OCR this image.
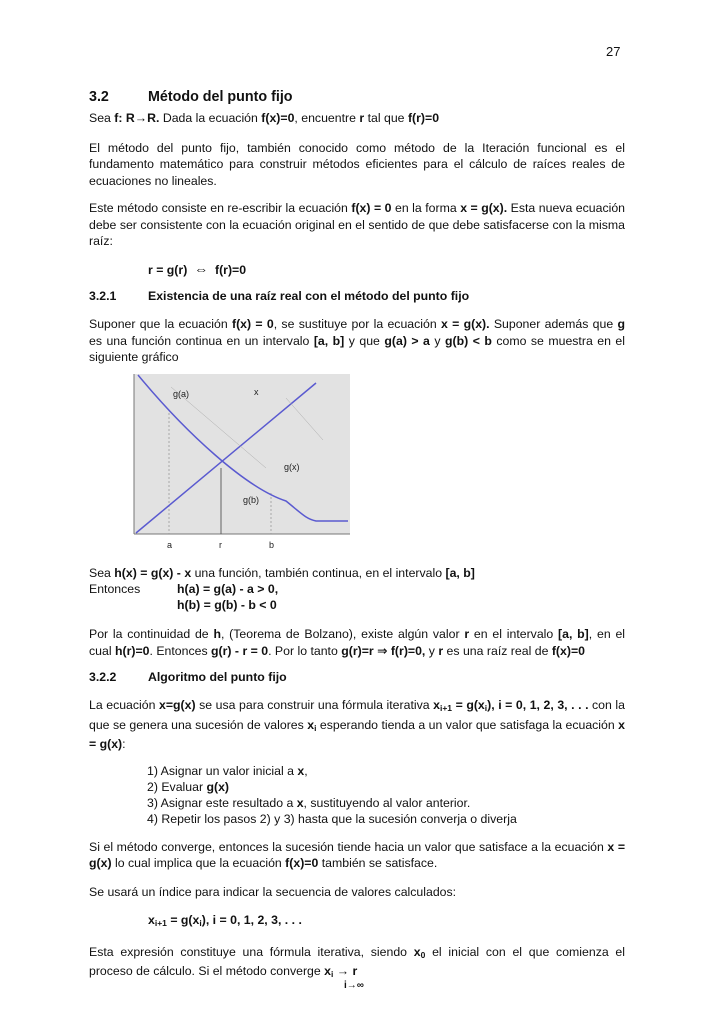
27
3.2	Método del punto fijo

Sea f: R→R. Dada la ecuación f(x)=0, encuentre r tal que f(r)=0

El método del punto fijo, también conocido como método de la Iteración funcional es el fundamento matemático para construir métodos eficientes para el cálculo de raíces reales de ecuaciones no lineales.

Este método consiste en re-escribir la ecuación f(x) = 0 en la forma x = g(x). Esta nueva ecuación debe ser consistente con la ecuación original en el sentido de que debe satisfacerse con la misma raíz:

r = g(r) ⇔ f(r)=0

3.2.1	Existencia de una raíz real con el método del punto fijo

Suponer que la ecuación f(x) = 0, se sustituye por la ecuación x = g(x). Suponer además que g es una función continua en un intervalo [a, b] y que g(a) > a y g(b) < b como se muestra en el siguiente gráfico

g(a)	x
g(x)
g(b)
a	r	b

Sea h(x) = g(x) - x una función, también continua, en el intervalo [a, b]

Entonces	h(a) = g(a) - a > 0,
h(b) = g(b) - b < 0

Por la continuidad de h, (Teorema de Bolzano), existe algún valor r en el intervalo [a, b], en el cual h(r)=0. Entonces g(r) - r = 0. Por lo tanto g(r)=r ⇒ f(r)=0, y r es una raíz real de f(x)=0

3.2.2	Algoritmo del punto fijo

La ecuación x=g(x) se usa para construir una fórmula iterativa $x_{i+1} = g(x_i)$, i = 0, 1, 2, 3, . . . con la que se genera una sucesión de valores $x_i$ esperando tienda a un valor que satisfaga la ecuación x = g(x):

1) Asignar un valor inicial a x,
2) Evaluar g(x)
3) Asignar este resultado a x, sustituyendo al valor anterior.
4) Repetir los pasos 2) y 3) hasta que la sucesión converja o diverja

Si el método converge, entonces la sucesión tiende hacia un valor que satisface a la ecuación x = g(x) lo cual implica que la ecuación f(x)=0 también se satisface.

Se usará un índice para indicar la secuencia de valores calculados:

$x_{i+1} = g(x_i)$, i = 0, 1, 2, 3, . . .

Esta expresión constituye una fórmula iterativa, siendo $x_0$ el inicial con el que comienza el proceso de cálculo. Si el método converge $x_i \to r$

i→∞
